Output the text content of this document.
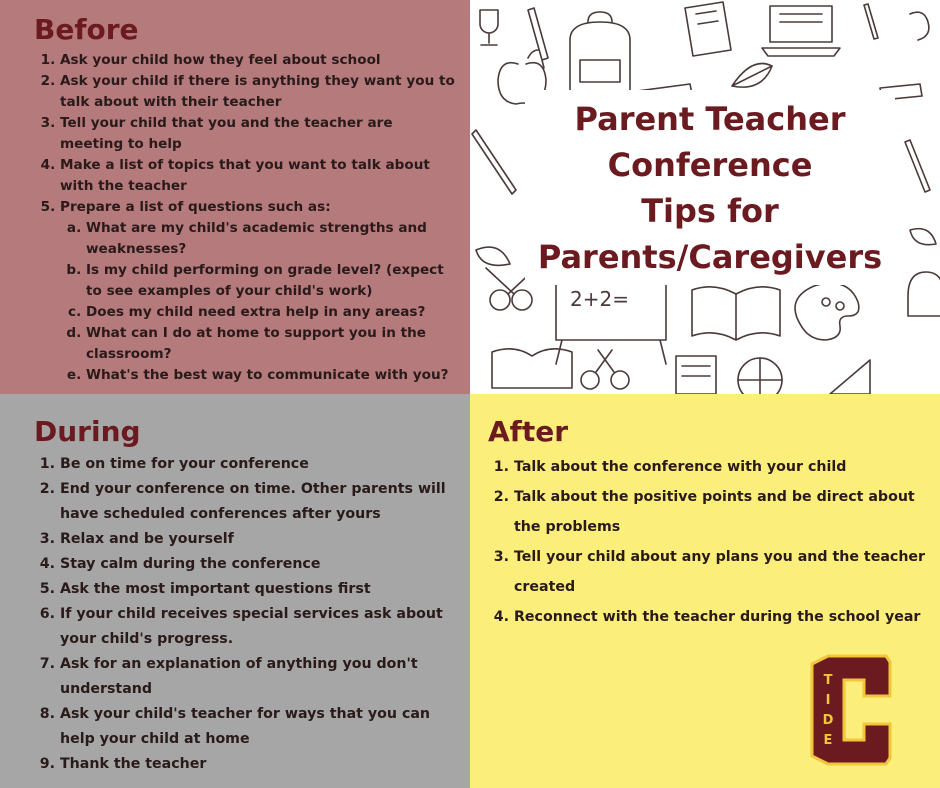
Before
1. Ask your child how they feel about school
2. Ask your child if there is anything they want you to talk about with their teacher
3. Tell your child that you and the teacher are meeting to help
4. Make a list of topics that you want to talk about with the teacher
5. Prepare a list of questions such as:
a. What are my child's academic strengths and weaknesses?
b. Is my child performing on grade level? (expect to see examples of your child's work)
c. Does my child need extra help in any areas?
d. What can I do at home to support you in the classroom?
e. What's the best way to communicate with you?
2+2=
Parent Teacher
Conference
Tips for
Parents/Caregivers
During
1. Be on time for your conference
2. End your conference on time. Other parents will have scheduled conferences after yours
3. Relax and be yourself
4. Stay calm during the conference
5. Ask the most important questions first
6. If your child receives special services ask about your child's progress.
7. Ask for an explanation of anything you don't understand
8. Ask your child's teacher for ways that you can help your child at home
9. Thank the teacher
After
1. Talk about the conference with your child
2. Talk about the positive points and be direct about the problems
3. Tell your child about any plans you and the teacher created
4. Reconnect with the teacher during the school year
T
I
D
E
